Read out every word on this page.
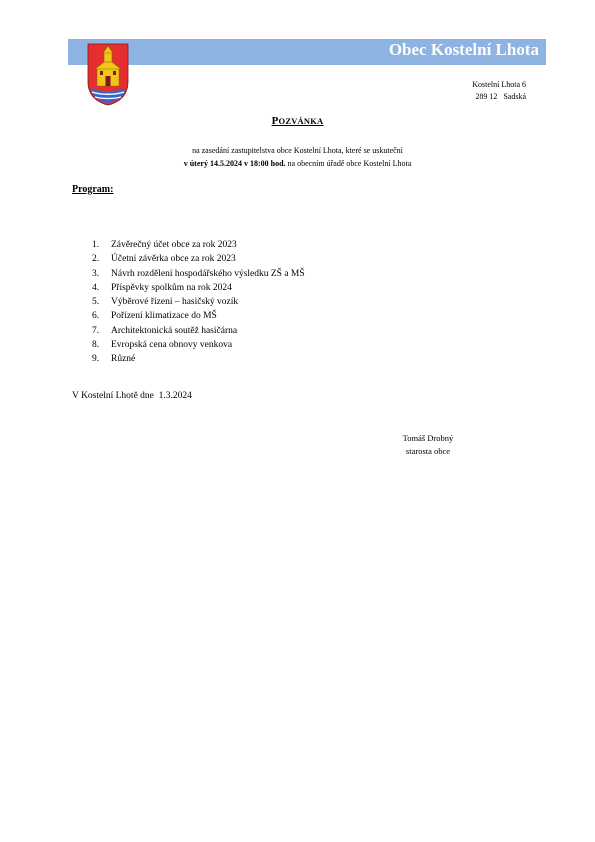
Obec Kostelní Lhota
Kostelní Lhota 6
289 12   Sadská
POZVÁNKA
na zasedání zastupitelstva obce Kostelní Lhota, které se uskuteční
v úterý 14.5.2024 v 18:00 hod. na obecním úřadě obce Kostelní Lhota
Program:
1.	Závěrečný účet obce za rok 2023
2.	Účetní závěrka obce za rok 2023
3.	Návrh rozdělení hospodářského výsledku ZŠ a MŠ
4.	Příspěvky spolkům na rok 2024
5.	Výběrové řízení – hasičský vozík
6.	Pořízení klimatizace do MŠ
7.	Architektonická soutěž hasičárna
8.	Evropská cena obnovy venkova
9.	Různé
V Kostelní Lhotě dne  1.3.2024
Tomáš Drobný
starosta obce
